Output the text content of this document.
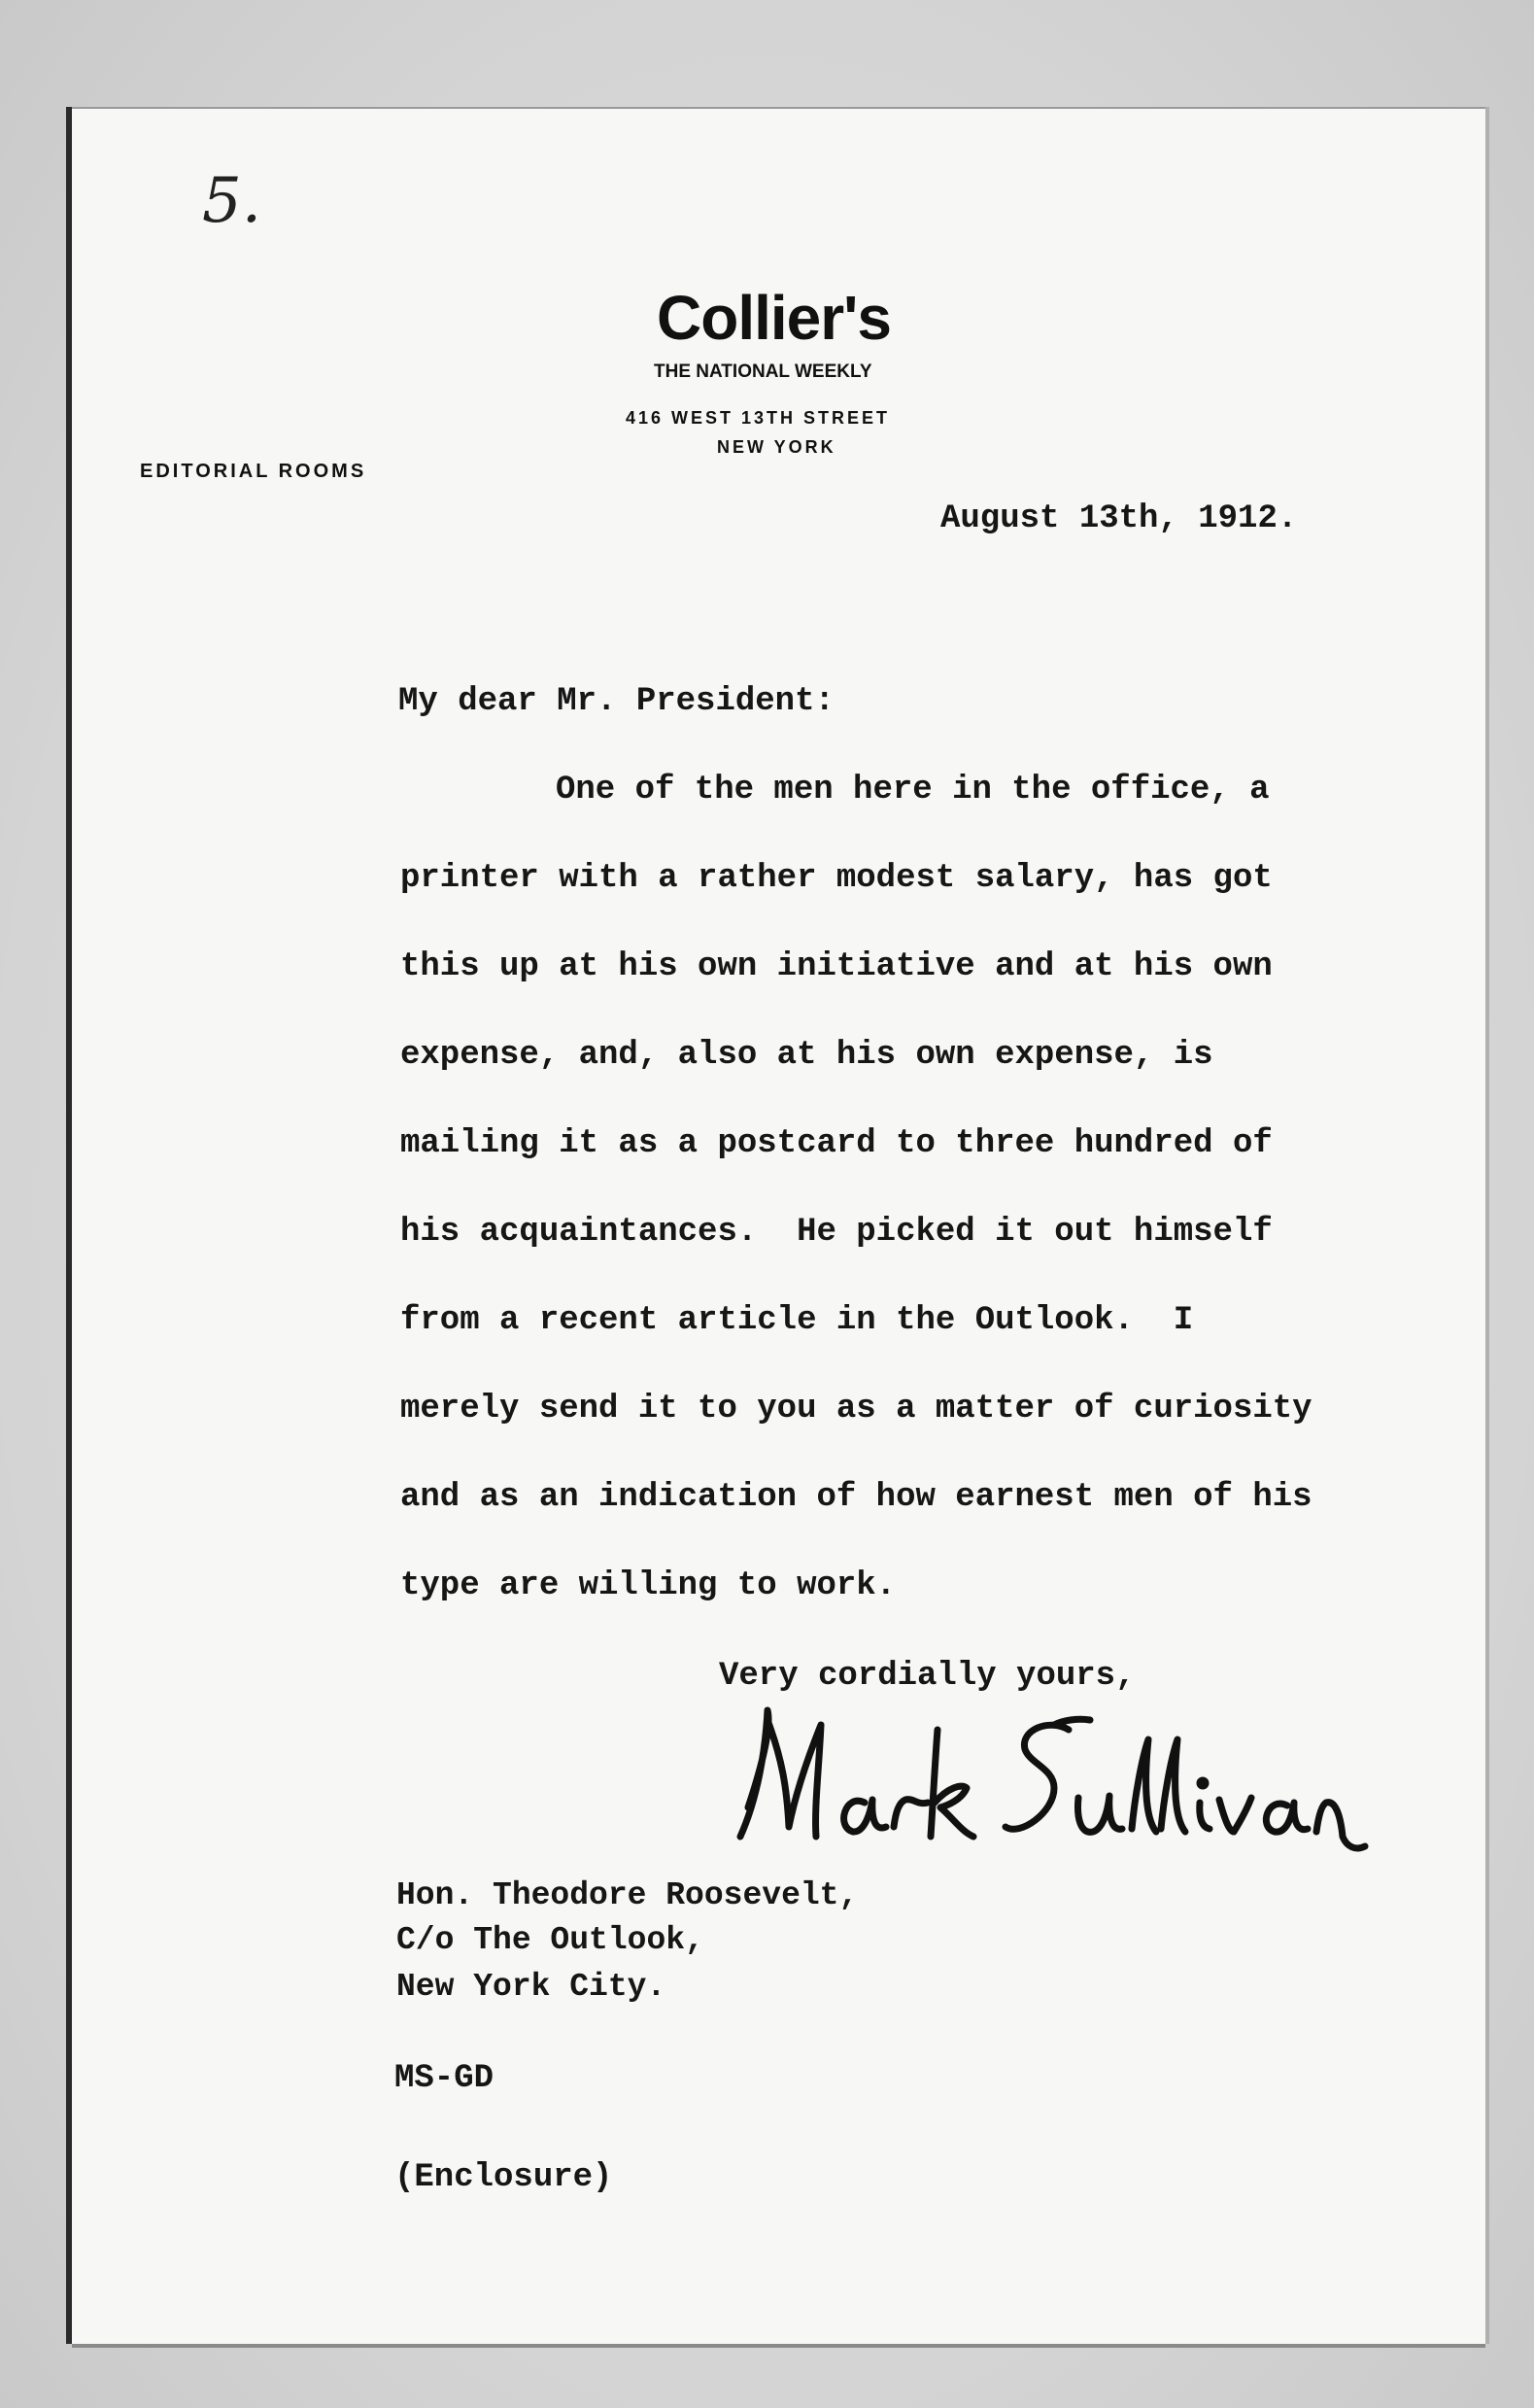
5.
Collier's
THE NATIONAL WEEKLY
416 WEST 13TH STREET
NEW YORK
EDITORIAL ROOMS
August 13th, 1912.
My dear Mr. President:
One of the men here in the office, a
printer with a rather modest salary, has got
this up at his own initiative and at his own
expense, and, also at his own expense, is
mailing it as a postcard to three hundred of
his acquaintances.  He picked it out himself
from a recent article in the Outlook.  I
merely send it to you as a matter of curiosity
and as an indication of how earnest men of his
type are willing to work.
Very cordially yours,
Hon. Theodore Roosevelt,
C/o The Outlook,
New York City.
MS-GD
(Enclosure)
